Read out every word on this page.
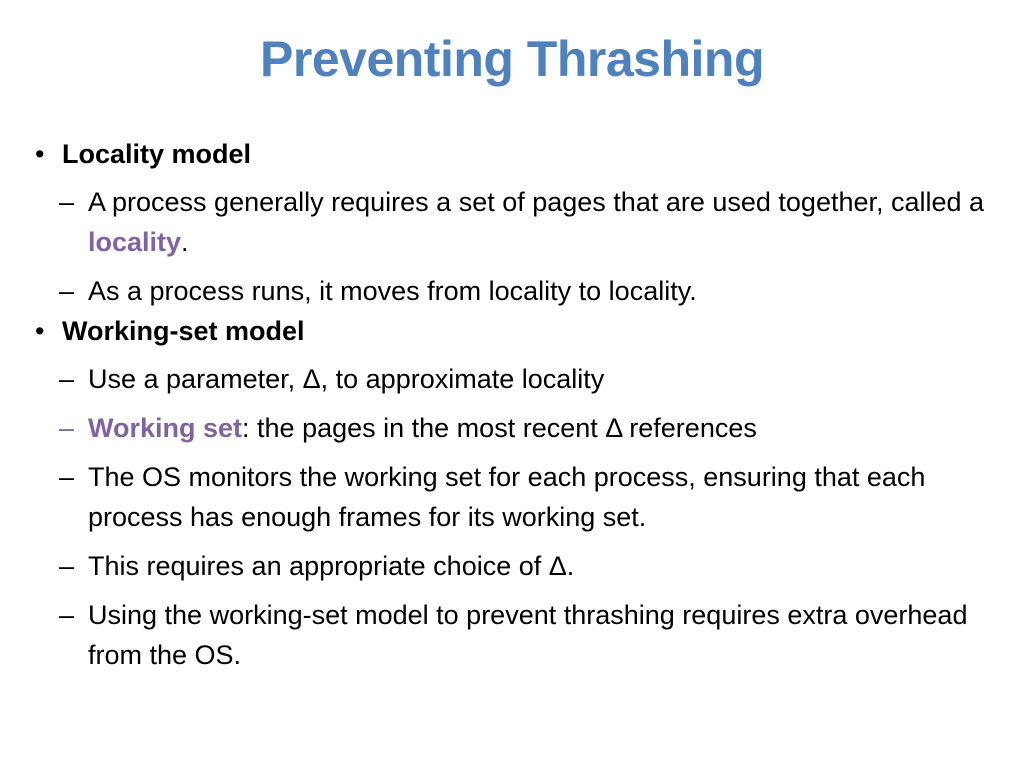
Preventing Thrashing
• Locality model
– A process generally requires a set of pages that are used together, called a locality.
– As a process runs, it moves from locality to locality.
• Working-set model
– Use a parameter, Δ, to approximate locality
– Working set: the pages in the most recent Δ references
– The OS monitors the working set for each process, ensuring that each process has enough frames for its working set.
– This requires an appropriate choice of Δ.
– Using the working-set model to prevent thrashing requires extra overhead from the OS.
